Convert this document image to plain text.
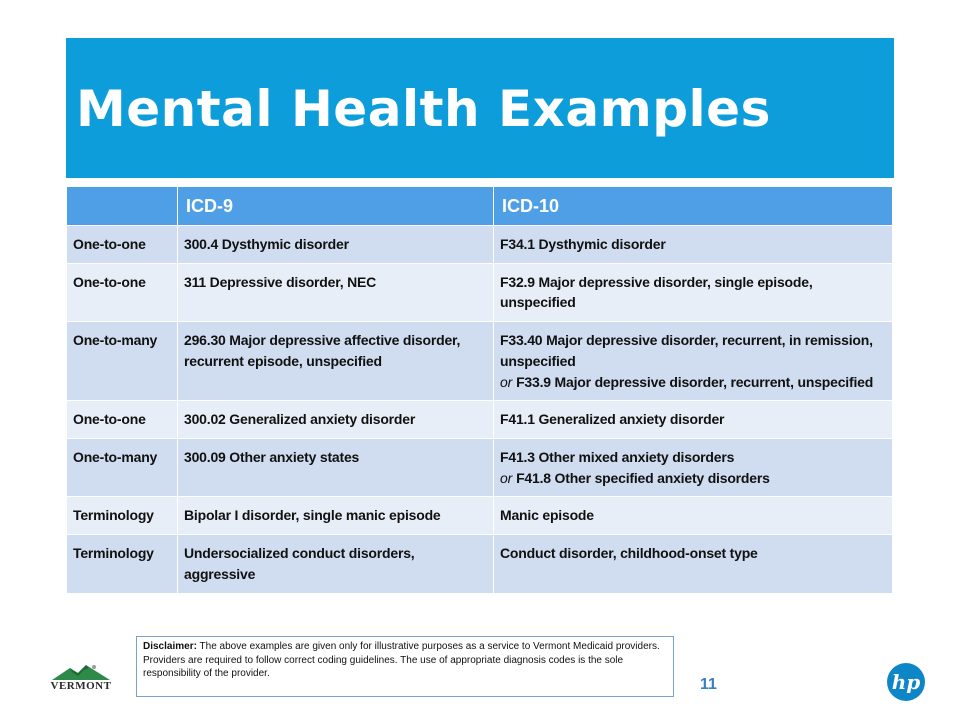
Mental Health Examples
	ICD-9	ICD-10
One-to-one	300.4 Dysthymic disorder	F34.1 Dysthymic disorder
One-to-one	311 Depressive disorder, NEC	F32.9 Major depressive disorder, single episode, unspecified
One-to-many	296.30 Major depressive affective disorder, recurrent episode, unspecified	F33.40 Major depressive disorder, recurrent, in remission, unspecified
or F33.9 Major depressive disorder, recurrent, unspecified

One-to-one	300.02 Generalized anxiety disorder	F41.1 Generalized anxiety disorder
One-to-many	300.09 Other anxiety states	F41.3 Other mixed anxiety disorders
or F41.8 Other specified anxiety disorders

Terminology	Bipolar I disorder, single manic episode	Manic episode
Terminology	Undersocialized conduct disorders, aggressive	Conduct disorder, childhood-onset type
Disclaimer: The above examples are given only for illustrative purposes as a service to Vermont Medicaid providers. Providers are required to follow correct coding guidelines. The use of appropriate diagnosis codes is the sole responsibility of the provider.
VERMONT	11	hp
